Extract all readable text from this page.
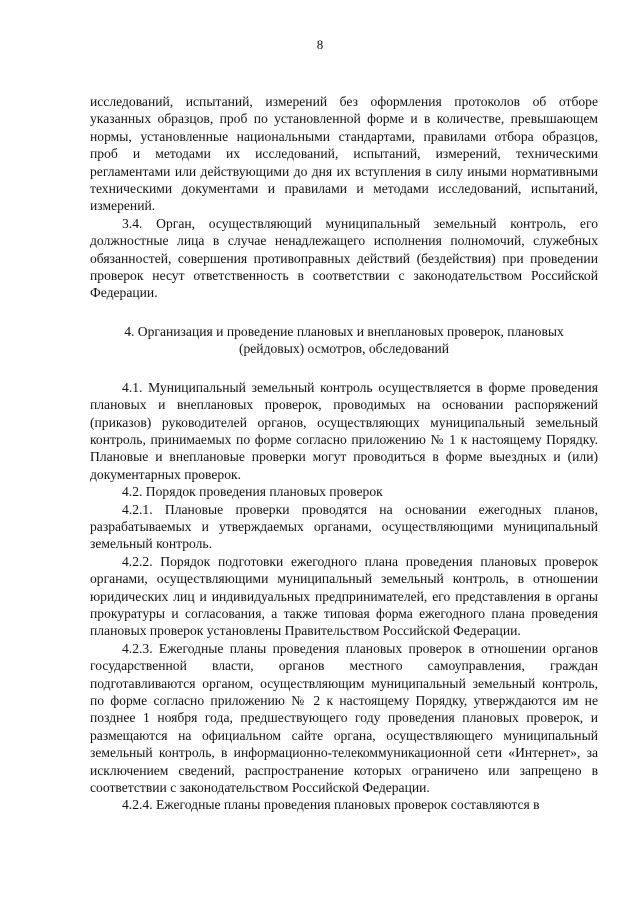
8

исследований, испытаний, измерений без оформления протоколов об отборе указанных образцов, проб по установленной форме и в количестве, превышающем нормы, установленные национальными стандартами, правилами отбора образцов, проб и методами их исследований, испытаний, измерений, техническими регламентами или действующими до дня их вступления в силу иными нормативными техническими документами и правилами и методами исследований, испытаний, измерений.

3.4. Орган, осуществляющий муниципальный земельный контроль, его должностные лица в случае ненадлежащего исполнения полномочий, служебных обязанностей, совершения противоправных действий (бездействия) при проведении проверок несут ответственность в соответствии с законодательством Российской Федерации.

4. Организация и проведение плановых и внеплановых проверок, плановых (рейдовых) осмотров, обследований

4.1. Муниципальный земельный контроль осуществляется в форме проведения плановых и внеплановых проверок, проводимых на основании распоряжений (приказов) руководителей органов, осуществляющих муниципальный земельный контроль, принимаемых по форме согласно приложению № 1 к настоящему Порядку. Плановые и внеплановые проверки могут проводиться в форме выездных и (или) документарных проверок.

4.2. Порядок проведения плановых проверок

4.2.1. Плановые проверки проводятся на основании ежегодных планов, разрабатываемых и утверждаемых органами, осуществляющими муниципальный земельный контроль.

4.2.2. Порядок подготовки ежегодного плана проведения плановых проверок органами, осуществляющими муниципальный земельный контроль, в отношении юридических лиц и индивидуальных предпринимателей, его представления в органы прокуратуры и согласования, а также типовая форма ежегодного плана проведения плановых проверок установлены Правительством Российской Федерации.

4.2.3. Ежегодные планы проведения плановых проверок в отношении органов государственной власти, органов местного самоуправления, граждан подготавливаются органом, осуществляющим муниципальный земельный контроль, по форме согласно приложению № 2 к настоящему Порядку, утверждаются им не позднее 1 ноября года, предшествующего году проведения плановых проверок, и размещаются на официальном сайте органа, осуществляющего муниципальный земельный контроль, в информационно-телекоммуникационной сети «Интернет», за исключением сведений, распространение которых ограничено или запрещено в соответствии с законодательством Российской Федерации.

4.2.4. Ежегодные планы проведения плановых проверок составляются в
